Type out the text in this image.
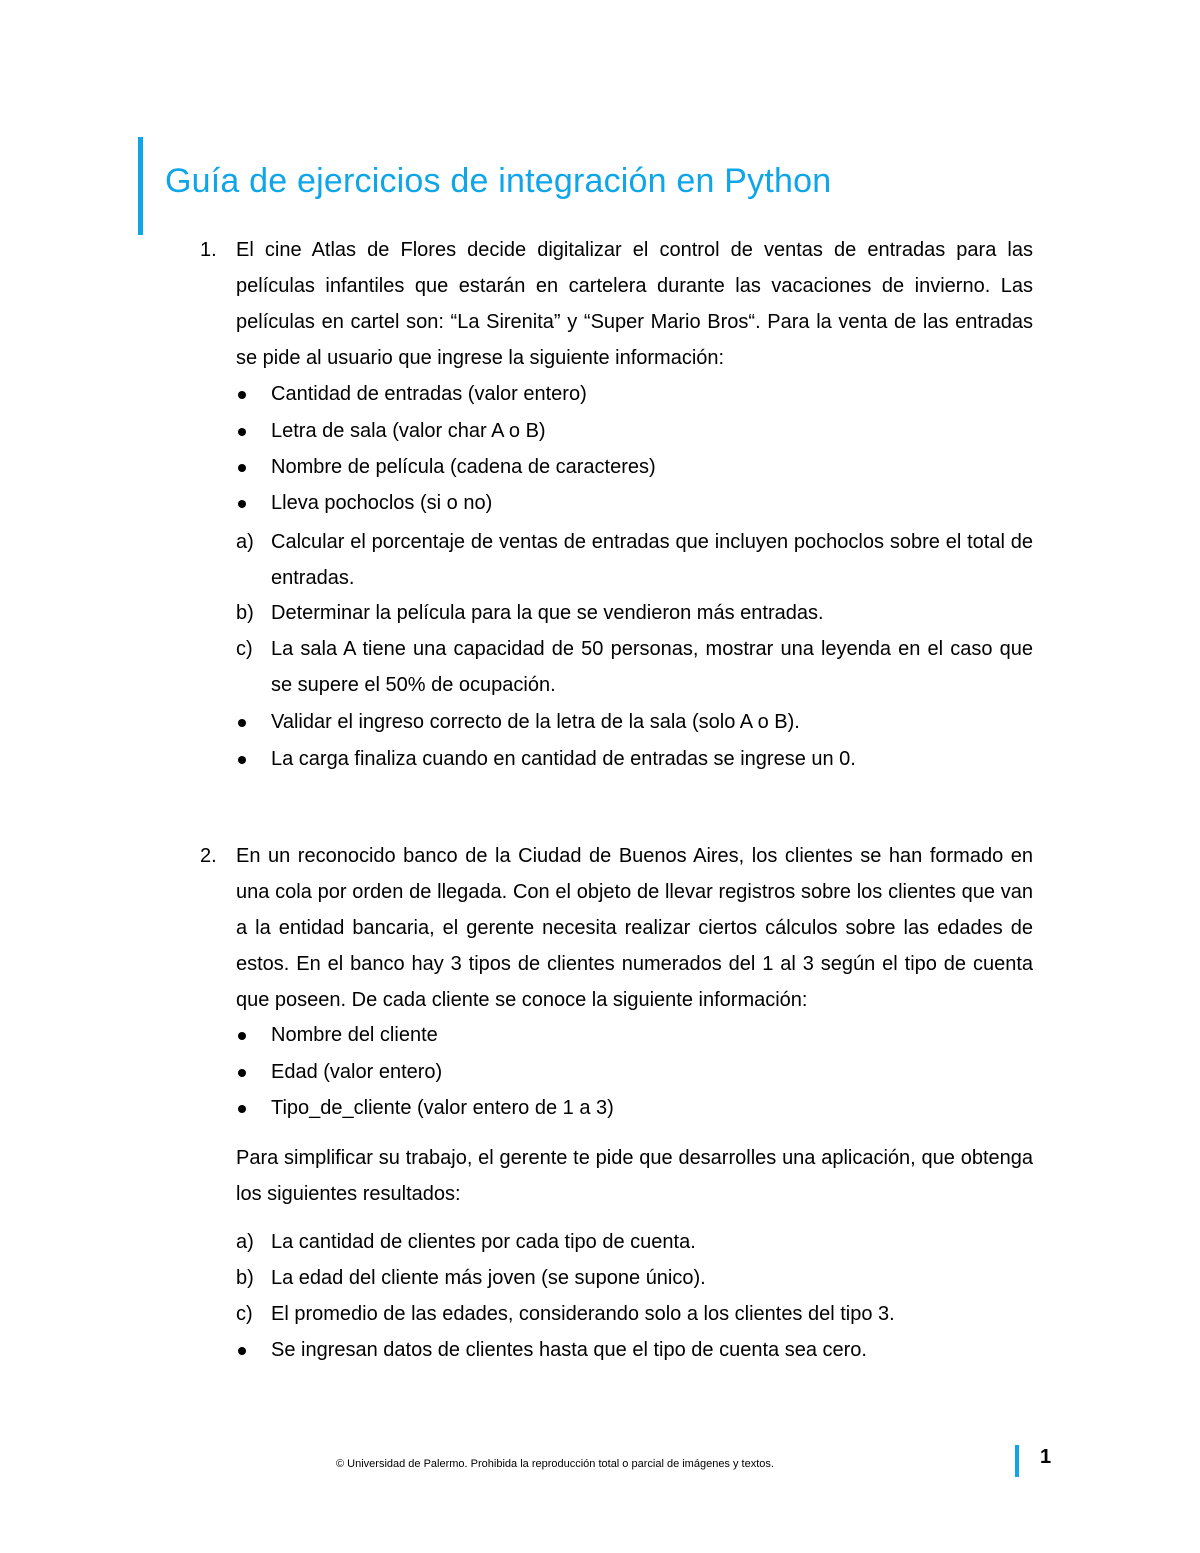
Guía de ejercicios de integración en Python
1. El cine Atlas de Flores decide digitalizar el control de ventas de entradas para las películas infantiles que estarán en cartelera durante las vacaciones de invierno. Las películas en cartel son: “La Sirenita” y “Super Mario Bros“. Para la venta de las entradas se pide al usuario que ingrese la siguiente información:

Cantidad de entradas (valor entero)

Letra de sala (valor char A o B)

Nombre de película (cadena de caracteres)

Lleva pochoclos (si o no)

a) Calcular el porcentaje de ventas de entradas que incluyen pochoclos sobre el total de entradas.

b) Determinar la película para la que se vendieron más entradas.

c) La sala A tiene una capacidad de 50 personas, mostrar una leyenda en el caso que se supere el 50% de ocupación.

Validar el ingreso correcto de la letra de la sala (solo A o B).

La carga finaliza cuando en cantidad de entradas se ingrese un 0.

2. En un reconocido banco de la Ciudad de Buenos Aires, los clientes se han formado en una cola por orden de llegada. Con el objeto de llevar registros sobre los clientes que van a la entidad bancaria, el gerente necesita realizar ciertos cálculos sobre las edades de estos. En el banco hay 3 tipos de clientes numerados del 1 al 3 según el tipo de cuenta que poseen. De cada cliente se conoce la siguiente información:

Nombre del cliente

Edad (valor entero)

Tipo_de_cliente (valor entero de 1 a 3)

Para simplificar su trabajo, el gerente te pide que desarrolles una aplicación, que obtenga los siguientes resultados:

a) La cantidad de clientes por cada tipo de cuenta.

b) La edad del cliente más joven (se supone único).

c) El promedio de las edades, considerando solo a los clientes del tipo 3.

Se ingresan datos de clientes hasta que el tipo de cuenta sea cero.

© Universidad de Palermo. Prohibida la reproducción total o parcial de imágenes y textos.	1
